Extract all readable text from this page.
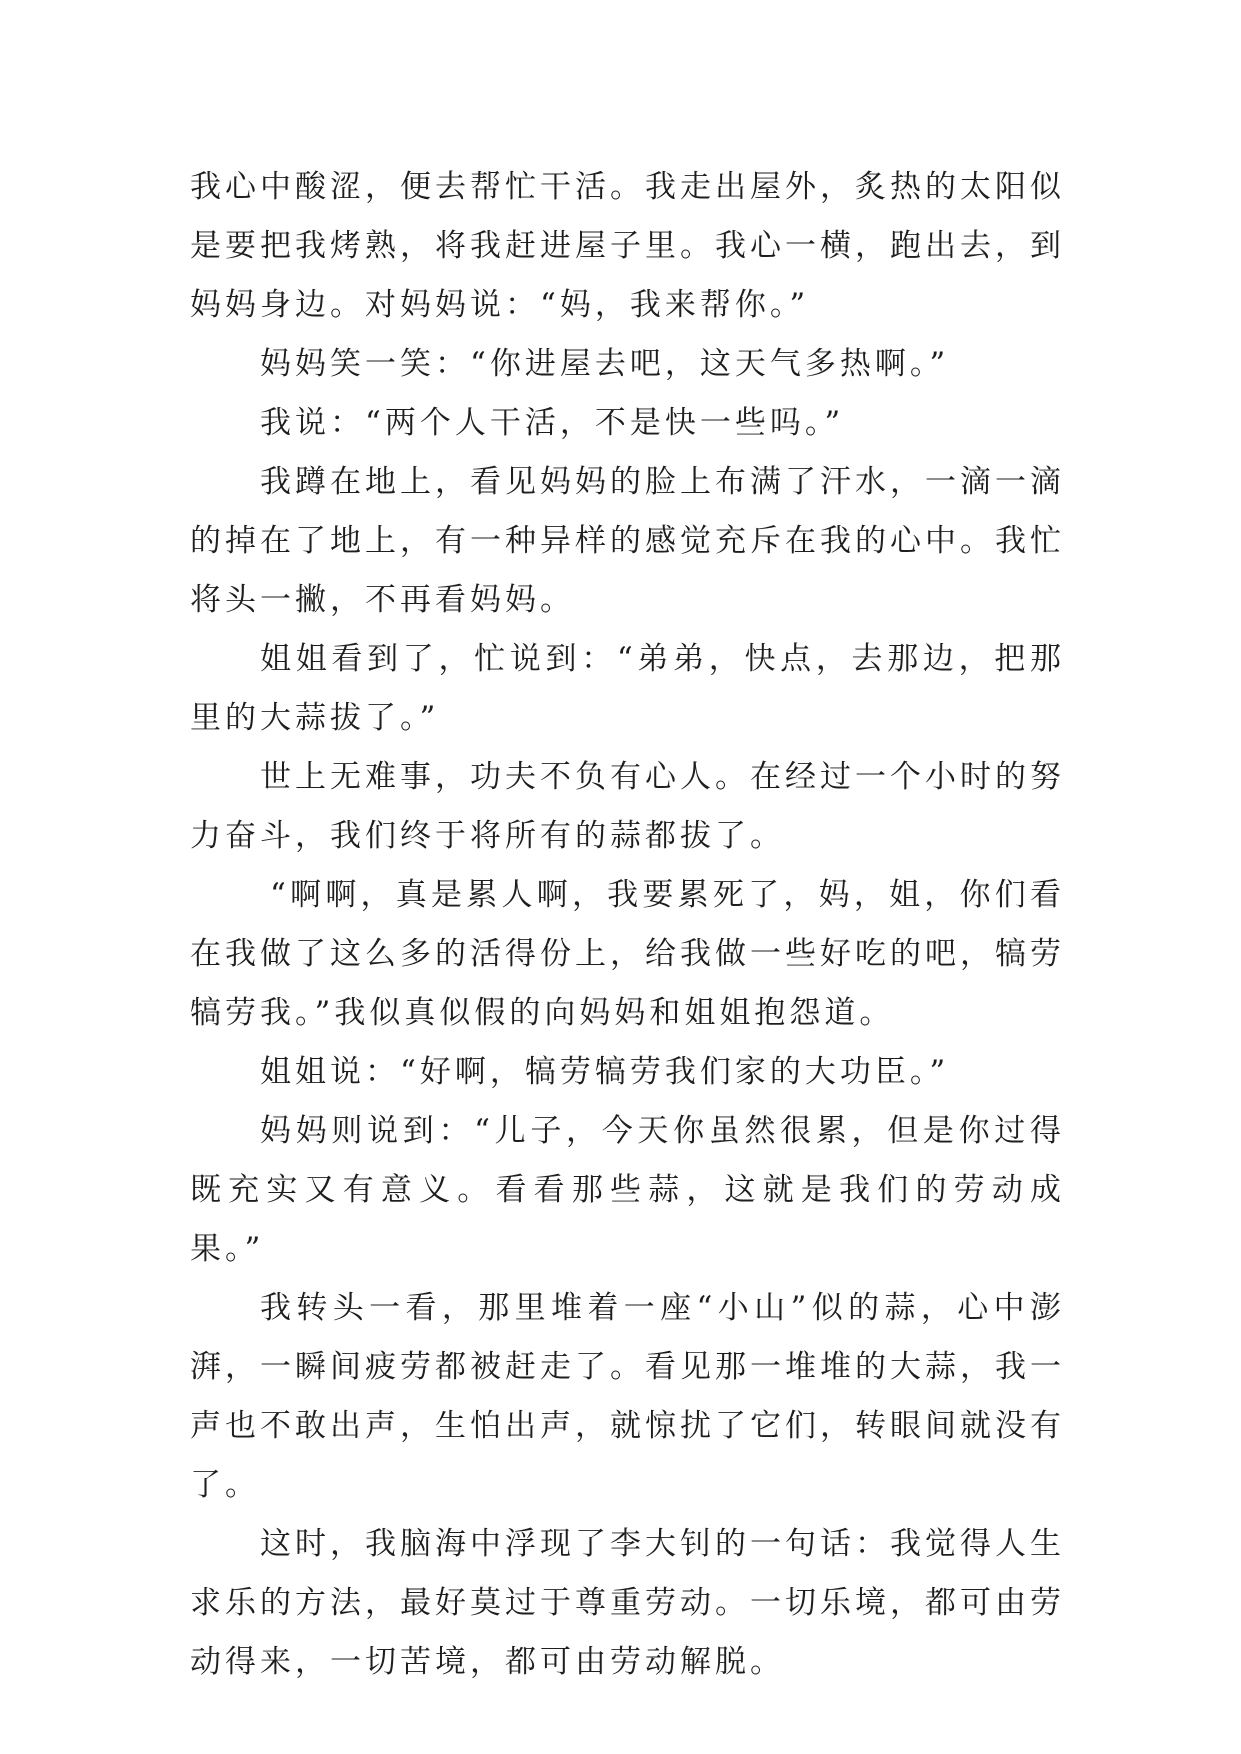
我心中酸涩，便去帮忙干活。我走出屋外，炙热的太阳似是要把我烤熟，将我赶进屋子里。我心一横，跑出去，到妈妈身边。对妈妈说：“妈，我来帮你。”

妈妈笑一笑：“你进屋去吧，这天气多热啊。”

我说：“两个人干活，不是快一些吗。”

我蹲在地上，看见妈妈的脸上布满了汗水，一滴一滴的掉在了地上，有一种异样的感觉充斥在我的心中。我忙将头一撇，不再看妈妈。

姐姐看到了，忙说到：“弟弟，快点，去那边，把那里的大蒜拔了。”

世上无难事，功夫不负有心人。在经过一个小时的努力奋斗，我们终于将所有的蒜都拔了。

“啊啊，真是累人啊，我要累死了，妈，姐，你们看在我做了这么多的活得份上，给我做一些好吃的吧，犒劳犒劳我。”我似真似假的向妈妈和姐姐抱怨道。

姐姐说：“好啊，犒劳犒劳我们家的大功臣。”

妈妈则说到：“儿子，今天你虽然很累，但是你过得既充实又有意义。看看那些蒜，这就是我们的劳动成果。”

我转头一看，那里堆着一座“小山”似的蒜，心中澎湃，一瞬间疲劳都被赶走了。看见那一堆堆的大蒜，我一声也不敢出声，生怕出声，就惊扰了它们，转眼间就没有了。

这时，我脑海中浮现了李大钊的一句话：我觉得人生求乐的方法，最好莫过于尊重劳动。一切乐境，都可由劳动得来，一切苦境，都可由劳动解脱。
